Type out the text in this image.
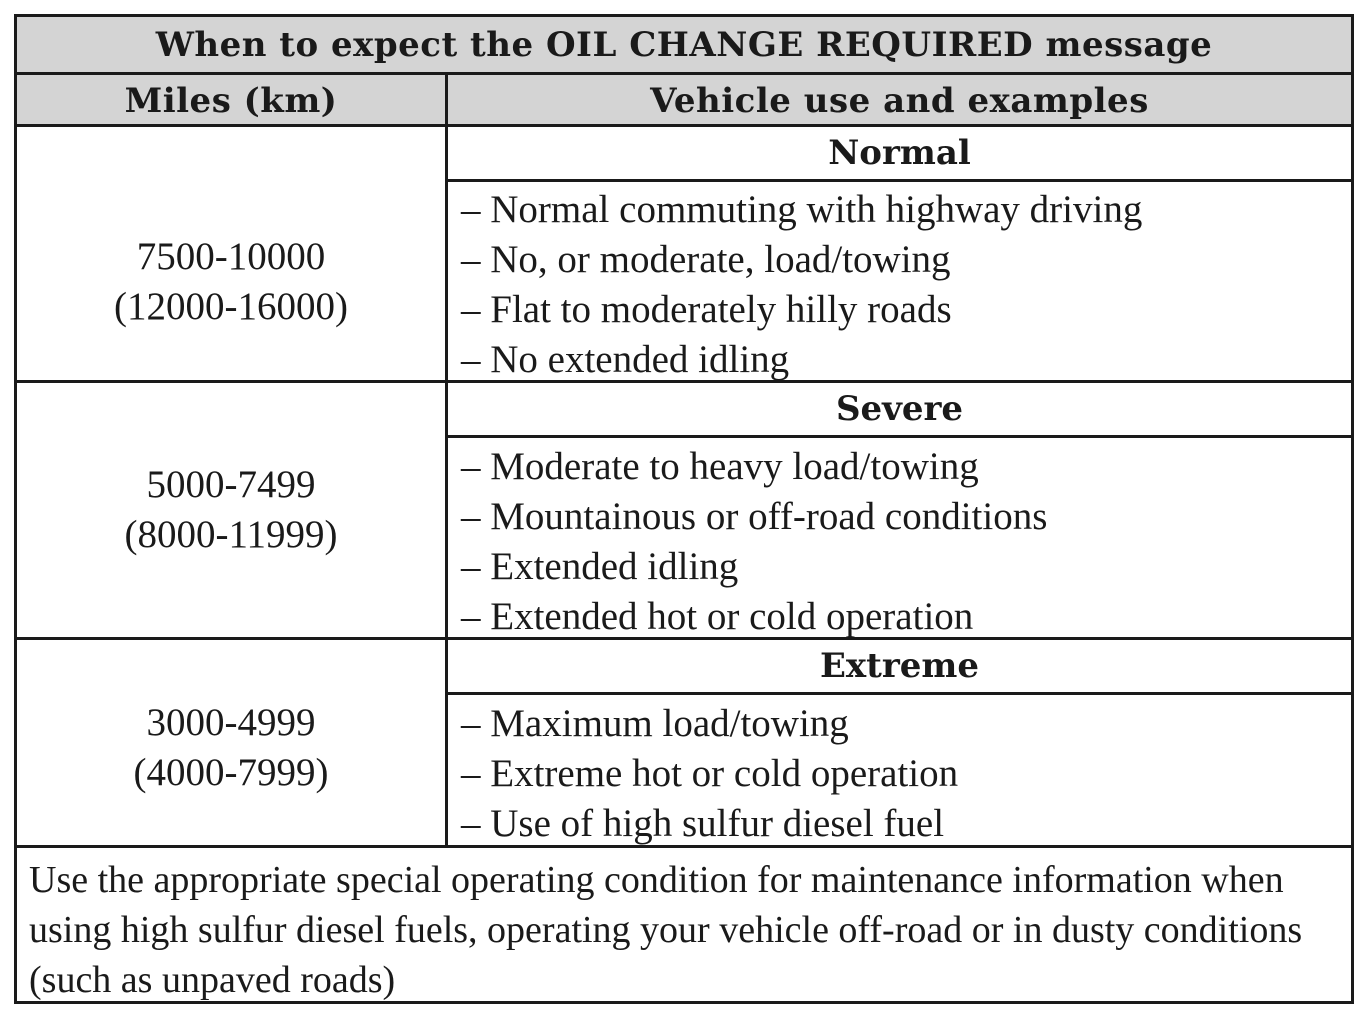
When to expect the OIL CHANGE REQUIRED message
Miles (km)	Vehicle use and examples
Normal
7500-10000
(12000-16000)
– Normal commuting with highway driving
– No, or moderate, load/towing
– Flat to moderately hilly roads
– No extended idling
Severe
5000-7499
(8000-11999)
– Moderate to heavy load/towing
– Mountainous or off-road conditions
– Extended idling
– Extended hot or cold operation
Extreme
3000-4999
(4000-7999)
– Maximum load/towing
– Extreme hot or cold operation
– Use of high sulfur diesel fuel

Use the appropriate special operating condition for maintenance information when using high sulfur diesel fuels, operating your vehicle off-road or in dusty conditions (such as unpaved roads)
